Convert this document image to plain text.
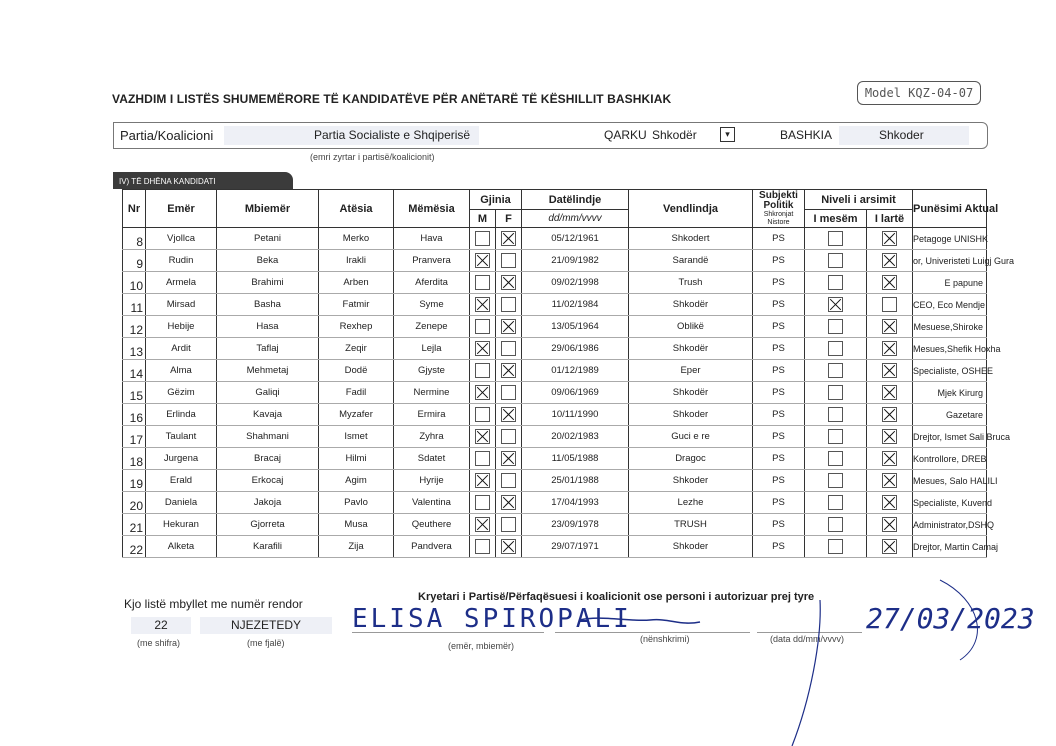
Model KQZ-04-07
VAZHDIM I LISTËS SHUMEMËRORE TË KANDIDATËVE PËR ANËTARË TË KËSHILLIT BASHKIAK
Partia/Koalicioni	Partia Socialiste e Shqiperisë	QARKU Shkodër	▾	BASHKIA	Shkoder
(emri zyrtar i partisë/koalicionit)
IV) TË DHËNA KANDIDATI
Nr	Emër	Mbiemër	Atësia	Mëmësia	Gjinia		Datëlindje	Vendlindja	Subjekti Politik
Shkronjat Nistore	Niveli i arsimit		Punësimi Aktual
					M	F	dd/mm/vvvv			I mesëm	I lartë	
8	Vjollca	Petani	Merko	Hava			05/12/1961	Shkodert	PS			Petagoge UNISHK
9	Rudin	Beka	Irakli	Pranvera			21/09/1982	Sarandë	PS			or, Univeristeti Luigj Gura
10	Armela	Brahimi	Arben	Aferdita			09/02/1998	Trush	PS			E papune
11	Mirsad	Basha	Fatmir	Syme			11/02/1984	Shkodër	PS			CEO, Eco Mendje
12	Hebije	Hasa	Rexhep	Zenepe			13/05/1964	Oblikë	PS			Mesuese,Shiroke
13	Ardit	Taflaj	Zeqir	Lejla			29/06/1986	Shkodër	PS			Mesues,Shefik Hoxha
14	Alma	Mehmetaj	Dodë	Gjyste			01/12/1989	Eper	PS			Specialiste, OSHEE
15	Gëzim	Galiqi	Fadil	Nermine			09/06/1969	Shkodër	PS			Mjek Kirurg
16	Erlinda	Kavaja	Myzafer	Ermira			10/11/1990	Shkoder	PS			Gazetare
17	Taulant	Shahmani	Ismet	Zyhra			20/02/1983	Guci e re	PS			Drejtor, Ismet Sali Bruca
18	Jurgena	Bracaj	Hilmi	Sdatet			11/05/1988	Dragoc	PS			Kontrollore, DREB
19	Erald	Erkocaj	Agim	Hyrije			25/01/1988	Shkoder	PS			Mesues, Salo HALILI
20	Daniela	Jakoja	Pavlo	Valentina			17/04/1993	Lezhe	PS			Specialiste, Kuvend
21	Hekuran	Gjorreta	Musa	Qeuthere			23/09/1978	TRUSH	PS			Administrator,DSHQ
22	Alketa	Karafili	Zija	Pandvera			29/07/1971	Shkoder	PS			Drejtor, Martin Camaj
Kjo listë mbyllet me numër rendor
22	NJEZETEDY
(me shifra)	(me fjalë)
Kryetari i Partisë/Përfaqësuesi i koalicionit ose personi i autorizuar prej tyre
ELISA SPIROPALI	27/03/2023
(emër, mbiemër)
(nënshkrimi)	(data dd/mm/vvvv)
